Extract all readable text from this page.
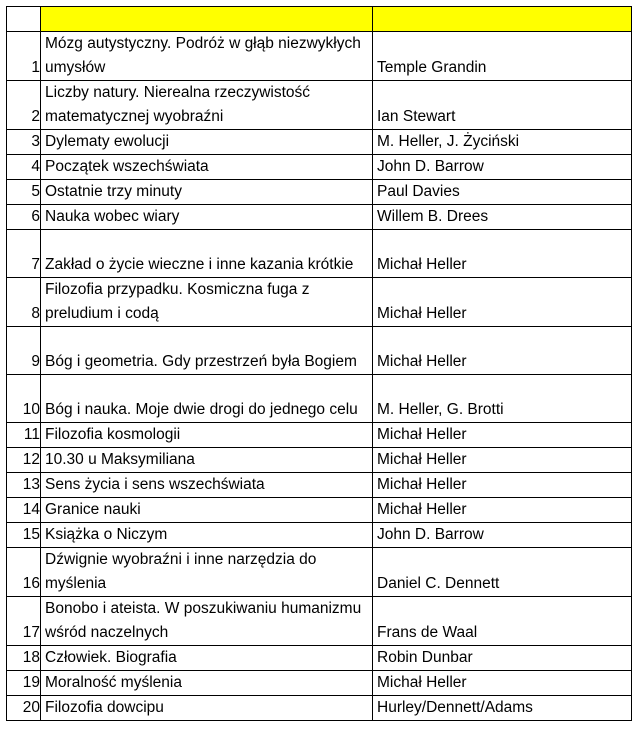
1	Mózg autystyczny. Podróż w głąb niezwykłych umysłów	Temple Grandin
2	Liczby natury. Nierealna rzeczywistość matematycznej wyobraźni	Ian Stewart
3	Dylematy ewolucji	M. Heller, J. Życiński
4	Początek wszechświata	John D. Barrow
5	Ostatnie trzy minuty	Paul Davies
6	Nauka wobec wiary	Willem B. Drees
7	Zakład o życie wieczne i inne kazania krótkie	Michał Heller
8	Filozofia przypadku. Kosmiczna fuga z preludium i codą	Michał Heller
9	Bóg i geometria. Gdy przestrzeń była Bogiem	Michał Heller
10	Bóg i nauka. Moje dwie drogi do jednego celu	M. Heller, G. Brotti
11	Filozofia kosmologii	Michał Heller
12	10.30 u Maksymiliana	Michał Heller
13	Sens życia i sens wszechświata	Michał Heller
14	Granice nauki	Michał Heller
15	Książka o Niczym	John D. Barrow
16	Dźwignie wyobraźni i inne narzędzia do myślenia	Daniel C. Dennett
17	Bonobo i ateista. W poszukiwaniu humanizmu wśród naczelnych	Frans de Waal
18	Człowiek. Biografia	Robin Dunbar
19	Moralność myślenia	Michał Heller
20	Filozofia dowcipu	Hurley/Dennett/Adams
